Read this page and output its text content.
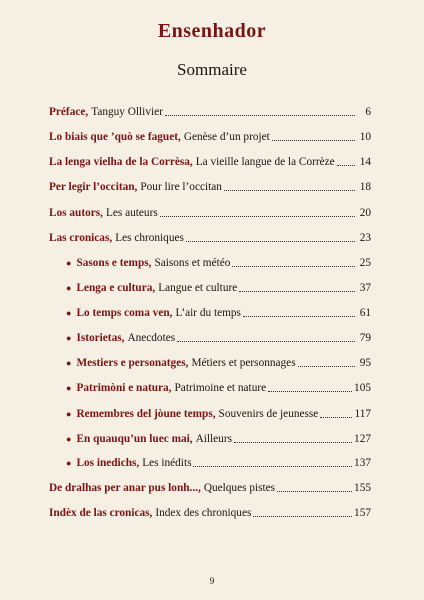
Ensenhador
Sommaire
Préface, Tanguy Ollivier	6
Lo biais que ’quò se faguet, Genèse d’un projet	10
La lenga vielha de la Corrèsa, La vieille langue de la Corrèze 14
Per legir l’occitan, Pour lire l’occitan	18
Los autors, Les auteurs	20
Las cronicas, Les chroniques	23
● Sasons e temps, Saisons et météo	25
● Lenga e cultura, Langue et culture	37
● Lo temps coma ven, L’air du temps	61
● Istorietas, Anecdotes	79
● Mestiers e personatges, Métiers et personnages	95
● Patrimòni e natura, Patrimoine et nature	105
● Remembres del jòune temps, Souvenirs de jeunesse	117
● En quauqu’un luec mai, Ailleurs	127
● Los inedichs, Les inédits	137
De dralhas per anar pus lonh..., Quelques pistes	155
Indèx de las cronicas, Index des chroniques	157
9
